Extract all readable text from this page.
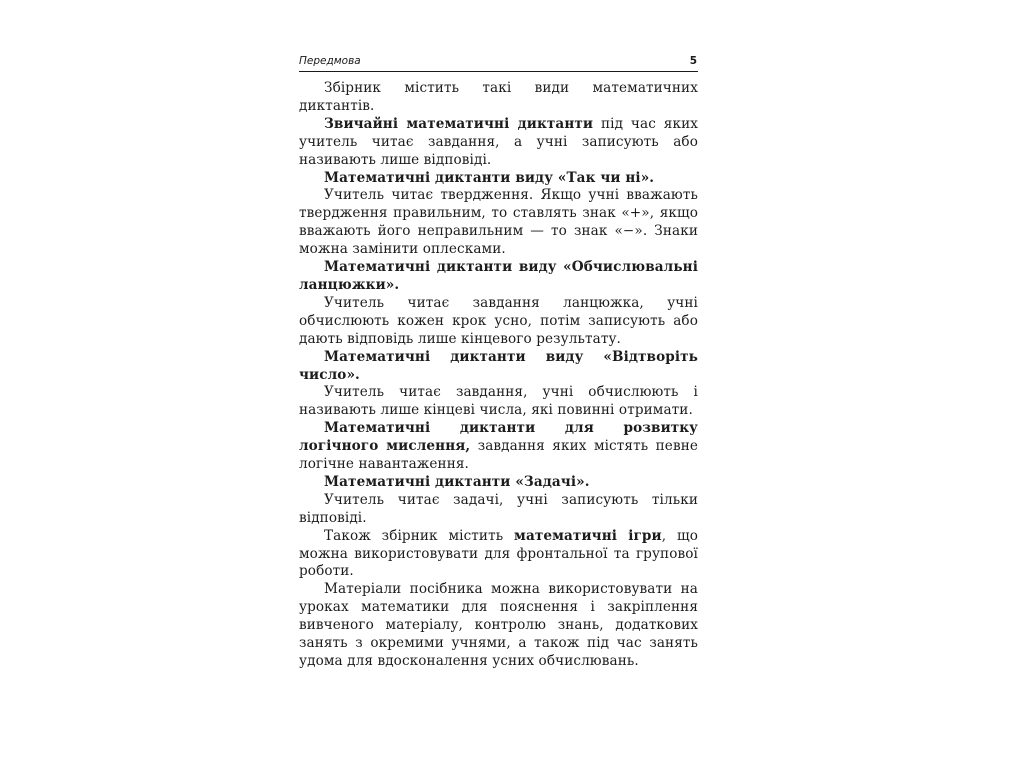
Передмова	5

Збірник містить такі види математичних диктантів.

Звичайні математичні диктанти під час яких учитель читає завдання, а учні записують або називають лише відповіді.

Математичні диктанти виду «Так чи ні».

Учитель читає твердження. Якщо учні вважають твердження правильним, то ставлять знак «+», якщо вважають його неправильним — то знак «−». Знаки можна замінити оплесками.

Математичні диктанти виду «Обчислювальні ланцюжки».

Учитель читає завдання ланцюжка, учні обчислюють кожен крок усно, потім записують або дають відповідь лише кінцевого результату.

Математичні диктанти виду «Відтворіть число».

Учитель читає завдання, учні обчислюють і називають лише кінцеві числа, які повинні отримати.

Математичні диктанти для розвитку логічного мислення, завдання яких містять певне логічне навантаження.

Математичні диктанти «Задачі».

Учитель читає задачі, учні записують тільки відповіді.

Також збірник містить математичні ігри, що можна використовувати для фронтальної та групової роботи.

Матеріали посібника можна використовувати на уроках математики для пояснення і закріплення вивченого матеріалу, контролю знань, додаткових занять з окремими учнями, а також під час занять удома для вдосконалення усних обчислювань.
